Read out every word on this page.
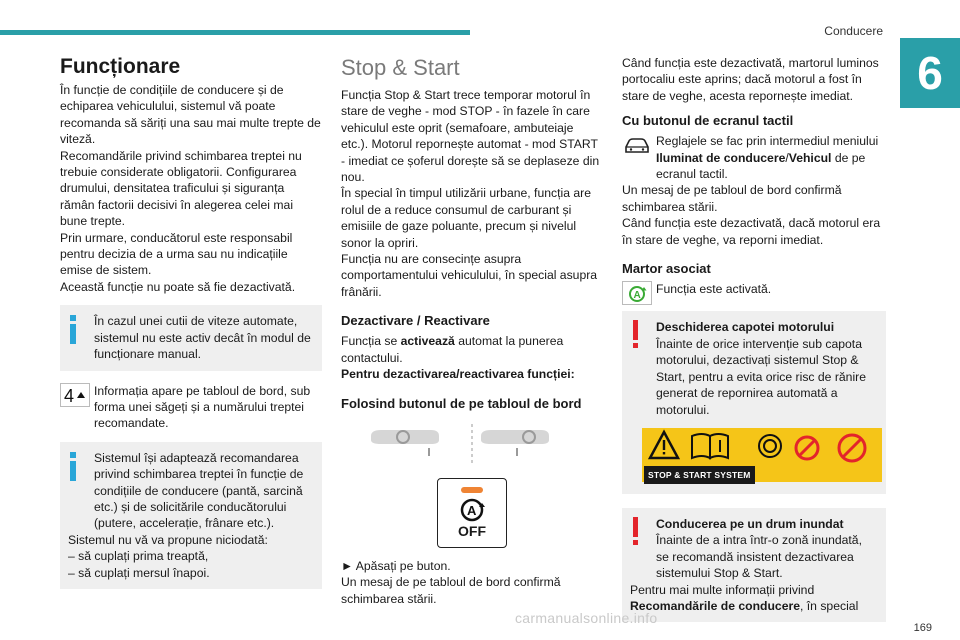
Conducere
6
Funcționare

În funcție de condițiile de conducere și de echiparea vehiculului, sistemul vă poate recomanda să săriți una sau mai multe trepte de viteză.

Recomandările privind schimbarea treptei nu trebuie considerate obligatorii. Configurarea drumului, densitatea traficului și siguranța rămân factorii decisivi în alegerea celei mai bune trepte.

Prin urmare, conducătorul este responsabil pentru decizia de a urma sau nu indicațiile emise de sistem.

Această funcție nu poate să fie dezactivată.

În cazul unei cutii de viteze automate, sistemul nu este activ decât în modul de funcționare manual.
4	Informația apare pe tabloul de bord, sub forma unei săgeți și a numărului treptei recomandate.
Sistemul își adaptează recomandarea privind schimbarea treptei în funcție de condițiile de conducere (pantă, sarcină etc.) și de solicitările conducătorului (putere, accelerație, frânare etc.).

Sistemul nu vă va propune niciodată:

– să cuplați prima treaptă,

– să cuplați mersul înapoi.

Stop & Start

Funcția Stop & Start trece temporar motorul în stare de veghe - mod STOP - în fazele în care vehiculul este oprit (semafoare, ambuteiaje etc.). Motorul repornește automat - mod START - imediat ce șoferul dorește să se deplaseze din nou.

În special în timpul utilizării urbane, funcția are rolul de a reduce consumul de carburant și emisiile de gaze poluante, precum și nivelul sonor la opriri.

Funcția nu are consecințe asupra comportamentului vehiculului, în special asupra frânării.

Dezactivare / Reactivare

Funcția se activează automat la punerea contactului.

Pentru dezactivarea/reactivarea funcției:

Folosind butonul de pe tabloul de bord
A
OFF

► Apăsați pe buton.

Un mesaj de pe tabloul de bord confirmă schimbarea stării.

Când funcția este dezactivată, martorul luminos portocaliu este aprins; dacă motorul a fost în stare de veghe, acesta repornește imediat.

Cu butonul de ecranul tactil
Reglajele se fac prin intermediul meniului Iluminat de conducere/Vehicul de pe ecranul tactil.

Un mesaj de pe tabloul de bord confirmă schimbarea stării.

Când funcția este dezactivată, dacă motorul era în stare de veghe, va reporni imediat.

Martor asociat
A	Funcția este activată.
Deschiderea capotei motorului
Înainte de orice intervenție sub capota motorului, dezactivați sistemul Stop & Start, pentru a evita orice risc de rănire generat de repornirea automată a motorului.
STOP & START SYSTEM
Conducerea pe un drum inundat
Înainte de a intra într-o zonă inundată, se recomandă insistent dezactivarea sistemului Stop & Start.

Pentru mai multe informații privind Recomandările de conducere, în special

carmanualsonline.info
169
